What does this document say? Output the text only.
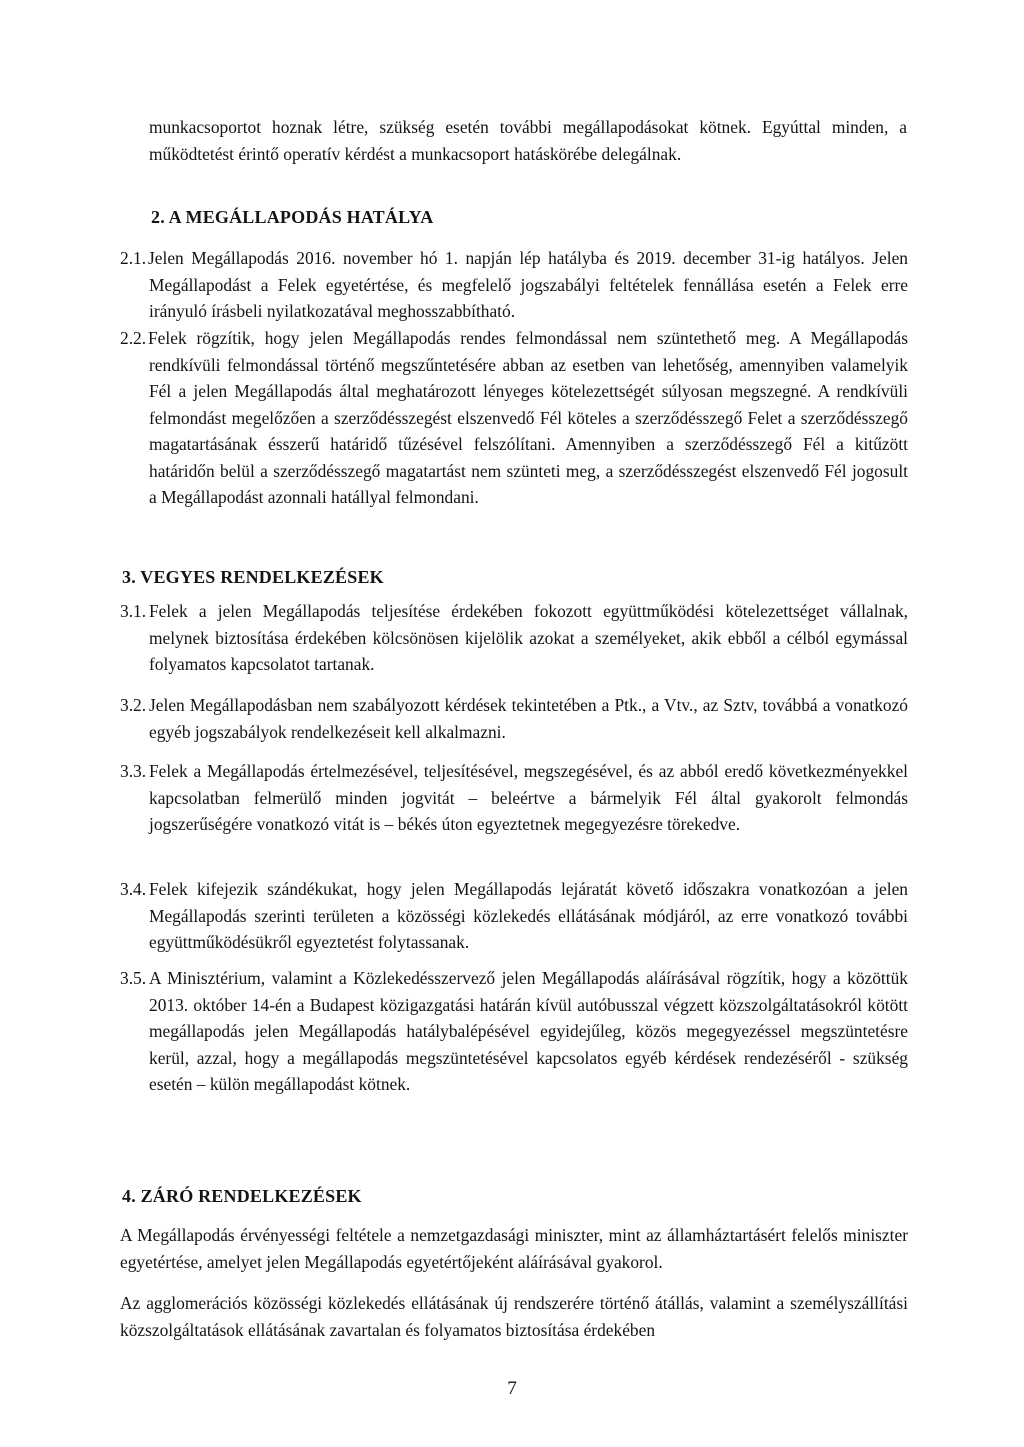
munkacsoportot hoznak létre, szükség esetén további megállapodásokat kötnek. Egyúttal minden, a működtetést érintő operatív kérdést a munkacsoport hatáskörébe delegálnak.

2. A MEGÁLLAPODÁS HATÁLYA
2.1. Jelen Megállapodás 2016. november hó 1. napján lép hatályba és 2019. december 31-ig hatályos. Jelen Megállapodást a Felek egyetértése, és megfelelő jogszabályi feltételek fennállása esetén a Felek erre irányuló írásbeli nyilatkozatával meghosszabbítható.
2.2. Felek rögzítik, hogy jelen Megállapodás rendes felmondással nem szüntethető meg. A Megállapodás rendkívüli felmondással történő megszűntetésére abban az esetben van lehetőség, amennyiben valamelyik Fél a jelen Megállapodás által meghatározott lényeges kötelezettségét súlyosan megszegné. A rendkívüli felmondást megelőzően a szerződésszegést elszenvedő Fél köteles a szerződésszegő Felet a szerződésszegő magatartásának ésszerű határidő tűzésével felszólítani. Amennyiben a szerződésszegő Fél a kitűzött határidőn belül a szerződésszegő magatartást nem szünteti meg, a szerződésszegést elszenvedő Fél jogosult a Megállapodást azonnali hatállyal felmondani.
3. VEGYES RENDELKEZÉSEK
3.1. Felek a jelen Megállapodás teljesítése érdekében fokozott együttműködési kötelezettséget vállalnak, melynek biztosítása érdekében kölcsönösen kijelölik azokat a személyeket, akik ebből a célból egymással folyamatos kapcsolatot tartanak.
3.2. Jelen Megállapodásban nem szabályozott kérdések tekintetében a Ptk., a Vtv., az Sztv, továbbá a vonatkozó egyéb jogszabályok rendelkezéseit kell alkalmazni.
3.3. Felek a Megállapodás értelmezésével, teljesítésével, megszegésével, és az abból eredő következményekkel kapcsolatban felmerülő minden jogvitát – beleértve a bármelyik Fél által gyakorolt felmondás jogszerűségére vonatkozó vitát is – békés úton egyeztetnek megegyezésre törekedve.
3.4. Felek kifejezik szándékukat, hogy jelen Megállapodás lejáratát követő időszakra vonatkozóan a jelen Megállapodás szerinti területen a közösségi közlekedés ellátásának módjáról, az erre vonatkozó további együttműködésükről egyeztetést folytassanak.
3.5. A Minisztérium, valamint a Közlekedésszervező jelen Megállapodás aláírásával rögzítik, hogy a közöttük 2013. október 14-én a Budapest közigazgatási határán kívül autóbusszal végzett közszolgáltatásokról kötött megállapodás jelen Megállapodás hatálybalépésével egyidejűleg, közös megegyezéssel megszüntetésre kerül, azzal, hogy a megállapodás megszüntetésével kapcsolatos egyéb kérdések rendezéséről - szükség esetén – külön megállapodást kötnek.
4. ZÁRÓ RENDELKEZÉSEK

A Megállapodás érvényességi feltétele a nemzetgazdasági miniszter, mint az államháztartásért felelős miniszter egyetértése, amelyet jelen Megállapodás egyetértőjeként aláírásával gyakorol.

Az agglomerációs közösségi közlekedés ellátásának új rendszerére történő átállás, valamint a személyszállítási közszolgáltatások ellátásának zavartalan és folyamatos biztosítása érdekében

7
